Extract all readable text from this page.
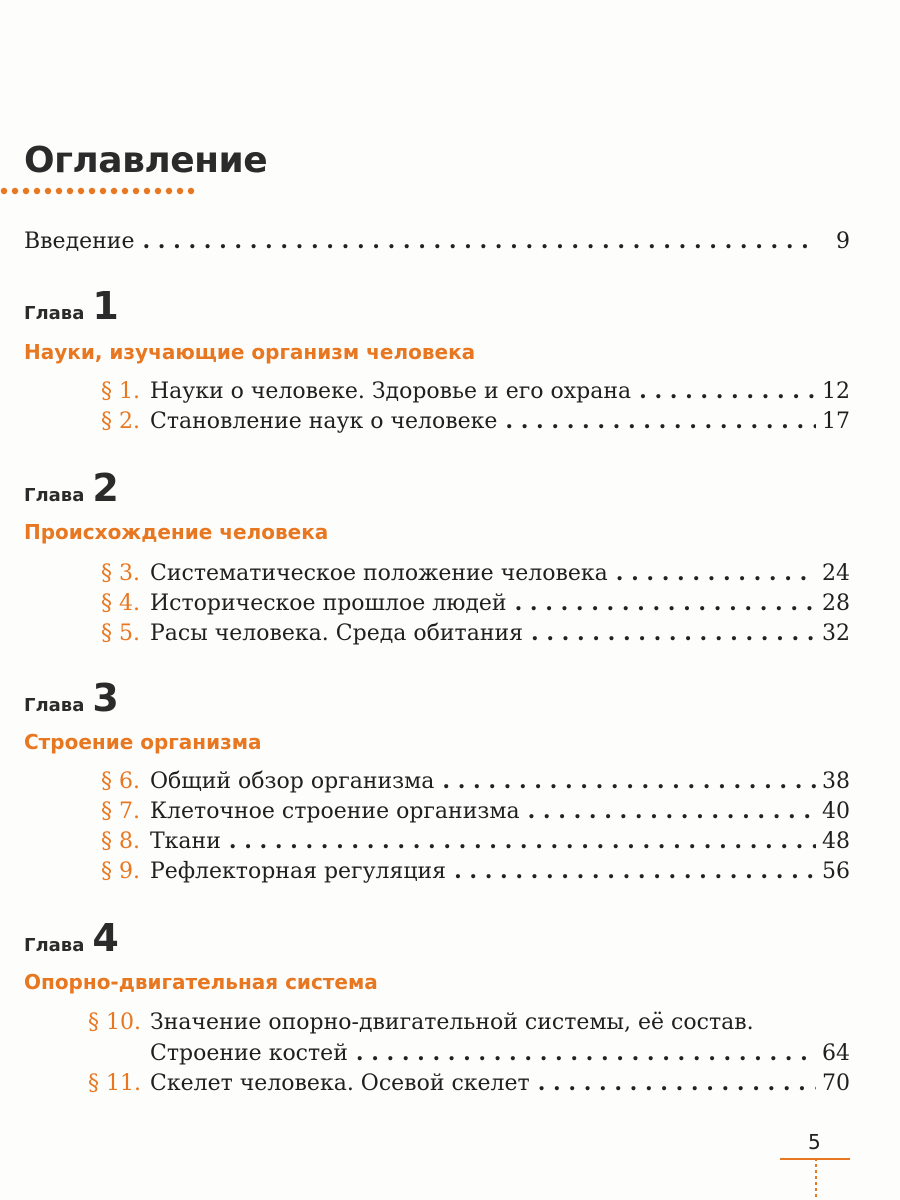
Оглавление
Введение . . .	9
Глава 1
Науки, изучающие организм человека
§ 1. Науки о человеке. Здоровье и его охрана . . .	12
§ 2. Становление наук о человеке . . .	17
Глава 2
Происхождение человека
§ 3. Систематическое положение человека . . .	24
§ 4. Историческое прошлое людей . . .	28
§ 5. Расы человека. Среда обитания . . .	32
Глава 3
Строение организма
§ 6. Общий обзор организма . . .	38
§ 7. Клеточное строение организма . . .	40
§ 8. Ткани . . .	48
§ 9. Рефлекторная регуляция . . .	56
Глава 4
Опорно-двигательная система
§ 10. Значение опорно-двигательной системы, её состав.
Строение костей . . .	64
§ 11. Скелет человека. Осевой скелет . . .	70
5
